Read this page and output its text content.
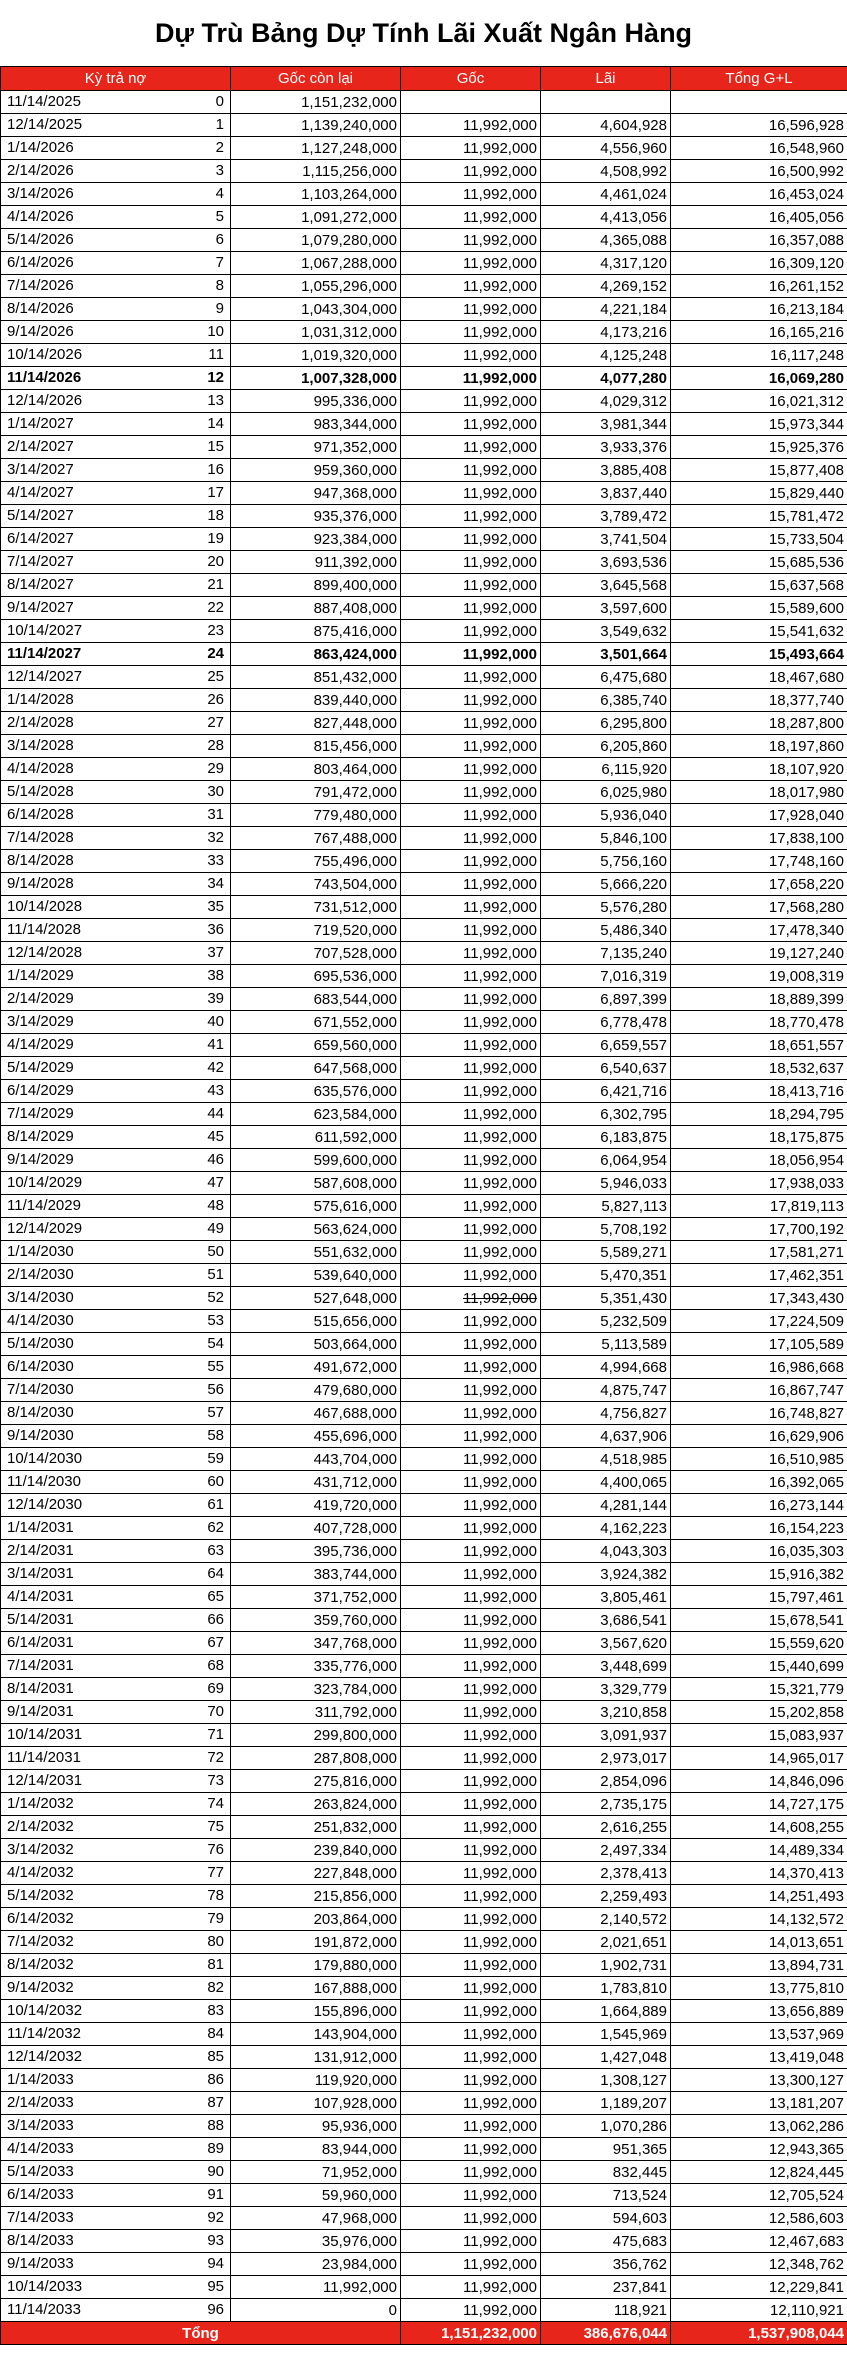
Dự Trù Bảng Dự Tính Lãi Xuất Ngân Hàng
Kỳ trả nợ	Gốc còn lại	Gốc	Lãi	Tổng G+L

11/14/2025 0	1,151,232,000			

12/14/2025 1	1,139,240,000	11,992,000	4,604,928	16,596,928

1/14/2026 2	1,127,248,000	11,992,000	4,556,960	16,548,960

2/14/2026 3	1,115,256,000	11,992,000	4,508,992	16,500,992

3/14/2026 4	1,103,264,000	11,992,000	4,461,024	16,453,024

4/14/2026 5	1,091,272,000	11,992,000	4,413,056	16,405,056

5/14/2026 6	1,079,280,000	11,992,000	4,365,088	16,357,088

6/14/2026 7	1,067,288,000	11,992,000	4,317,120	16,309,120

7/14/2026 8	1,055,296,000	11,992,000	4,269,152	16,261,152

8/14/2026 9	1,043,304,000	11,992,000	4,221,184	16,213,184

9/14/2026 10	1,031,312,000	11,992,000	4,173,216	16,165,216

10/14/2026 11	1,019,320,000	11,992,000	4,125,248	16,117,248

11/14/2026 12	1,007,328,000	11,992,000	4,077,280	16,069,280

12/14/2026 13	995,336,000	11,992,000	4,029,312	16,021,312

1/14/2027 14	983,344,000	11,992,000	3,981,344	15,973,344

2/14/2027 15	971,352,000	11,992,000	3,933,376	15,925,376

3/14/2027 16	959,360,000	11,992,000	3,885,408	15,877,408

4/14/2027 17	947,368,000	11,992,000	3,837,440	15,829,440

5/14/2027 18	935,376,000	11,992,000	3,789,472	15,781,472

6/14/2027 19	923,384,000	11,992,000	3,741,504	15,733,504

7/14/2027 20	911,392,000	11,992,000	3,693,536	15,685,536

8/14/2027 21	899,400,000	11,992,000	3,645,568	15,637,568

9/14/2027 22	887,408,000	11,992,000	3,597,600	15,589,600

10/14/2027 23	875,416,000	11,992,000	3,549,632	15,541,632

11/14/2027 24	863,424,000	11,992,000	3,501,664	15,493,664

12/14/2027 25	851,432,000	11,992,000	6,475,680	18,467,680

1/14/2028 26	839,440,000	11,992,000	6,385,740	18,377,740

2/14/2028 27	827,448,000	11,992,000	6,295,800	18,287,800

3/14/2028 28	815,456,000	11,992,000	6,205,860	18,197,860

4/14/2028 29	803,464,000	11,992,000	6,115,920	18,107,920

5/14/2028 30	791,472,000	11,992,000	6,025,980	18,017,980

6/14/2028 31	779,480,000	11,992,000	5,936,040	17,928,040

7/14/2028 32	767,488,000	11,992,000	5,846,100	17,838,100

8/14/2028 33	755,496,000	11,992,000	5,756,160	17,748,160

9/14/2028 34	743,504,000	11,992,000	5,666,220	17,658,220

10/14/2028 35	731,512,000	11,992,000	5,576,280	17,568,280

11/14/2028 36	719,520,000	11,992,000	5,486,340	17,478,340

12/14/2028 37	707,528,000	11,992,000	7,135,240	19,127,240

1/14/2029 38	695,536,000	11,992,000	7,016,319	19,008,319

2/14/2029 39	683,544,000	11,992,000	6,897,399	18,889,399

3/14/2029 40	671,552,000	11,992,000	6,778,478	18,770,478

4/14/2029 41	659,560,000	11,992,000	6,659,557	18,651,557

5/14/2029 42	647,568,000	11,992,000	6,540,637	18,532,637

6/14/2029 43	635,576,000	11,992,000	6,421,716	18,413,716

7/14/2029 44	623,584,000	11,992,000	6,302,795	18,294,795

8/14/2029 45	611,592,000	11,992,000	6,183,875	18,175,875

9/14/2029 46	599,600,000	11,992,000	6,064,954	18,056,954

10/14/2029 47	587,608,000	11,992,000	5,946,033	17,938,033

11/14/2029 48	575,616,000	11,992,000	5,827,113	17,819,113

12/14/2029 49	563,624,000	11,992,000	5,708,192	17,700,192

1/14/2030 50	551,632,000	11,992,000	5,589,271	17,581,271

2/14/2030 51	539,640,000	11,992,000	5,470,351	17,462,351

3/14/2030 52	527,648,000	11,992,000	5,351,430	17,343,430

4/14/2030 53	515,656,000	11,992,000	5,232,509	17,224,509

5/14/2030 54	503,664,000	11,992,000	5,113,589	17,105,589

6/14/2030 55	491,672,000	11,992,000	4,994,668	16,986,668

7/14/2030 56	479,680,000	11,992,000	4,875,747	16,867,747

8/14/2030 57	467,688,000	11,992,000	4,756,827	16,748,827

9/14/2030 58	455,696,000	11,992,000	4,637,906	16,629,906

10/14/2030 59	443,704,000	11,992,000	4,518,985	16,510,985

11/14/2030 60	431,712,000	11,992,000	4,400,065	16,392,065

12/14/2030 61	419,720,000	11,992,000	4,281,144	16,273,144

1/14/2031 62	407,728,000	11,992,000	4,162,223	16,154,223

2/14/2031 63	395,736,000	11,992,000	4,043,303	16,035,303

3/14/2031 64	383,744,000	11,992,000	3,924,382	15,916,382

4/14/2031 65	371,752,000	11,992,000	3,805,461	15,797,461

5/14/2031 66	359,760,000	11,992,000	3,686,541	15,678,541

6/14/2031 67	347,768,000	11,992,000	3,567,620	15,559,620

7/14/2031 68	335,776,000	11,992,000	3,448,699	15,440,699

8/14/2031 69	323,784,000	11,992,000	3,329,779	15,321,779

9/14/2031 70	311,792,000	11,992,000	3,210,858	15,202,858

10/14/2031 71	299,800,000	11,992,000	3,091,937	15,083,937

11/14/2031 72	287,808,000	11,992,000	2,973,017	14,965,017

12/14/2031 73	275,816,000	11,992,000	2,854,096	14,846,096

1/14/2032 74	263,824,000	11,992,000	2,735,175	14,727,175

2/14/2032 75	251,832,000	11,992,000	2,616,255	14,608,255

3/14/2032 76	239,840,000	11,992,000	2,497,334	14,489,334

4/14/2032 77	227,848,000	11,992,000	2,378,413	14,370,413

5/14/2032 78	215,856,000	11,992,000	2,259,493	14,251,493

6/14/2032 79	203,864,000	11,992,000	2,140,572	14,132,572

7/14/2032 80	191,872,000	11,992,000	2,021,651	14,013,651

8/14/2032 81	179,880,000	11,992,000	1,902,731	13,894,731

9/14/2032 82	167,888,000	11,992,000	1,783,810	13,775,810

10/14/2032 83	155,896,000	11,992,000	1,664,889	13,656,889

11/14/2032 84	143,904,000	11,992,000	1,545,969	13,537,969

12/14/2032 85	131,912,000	11,992,000	1,427,048	13,419,048

1/14/2033 86	119,920,000	11,992,000	1,308,127	13,300,127

2/14/2033 87	107,928,000	11,992,000	1,189,207	13,181,207

3/14/2033 88	95,936,000	11,992,000	1,070,286	13,062,286

4/14/2033 89	83,944,000	11,992,000	951,365	12,943,365

5/14/2033 90	71,952,000	11,992,000	832,445	12,824,445

6/14/2033 91	59,960,000	11,992,000	713,524	12,705,524

7/14/2033 92	47,968,000	11,992,000	594,603	12,586,603

8/14/2033 93	35,976,000	11,992,000	475,683	12,467,683

9/14/2033 94	23,984,000	11,992,000	356,762	12,348,762

10/14/2033 95	11,992,000	11,992,000	237,841	12,229,841

11/14/2033 96	0	11,992,000	118,921	12,110,921
Tổng		1,151,232,000	386,676,044	1,537,908,044
